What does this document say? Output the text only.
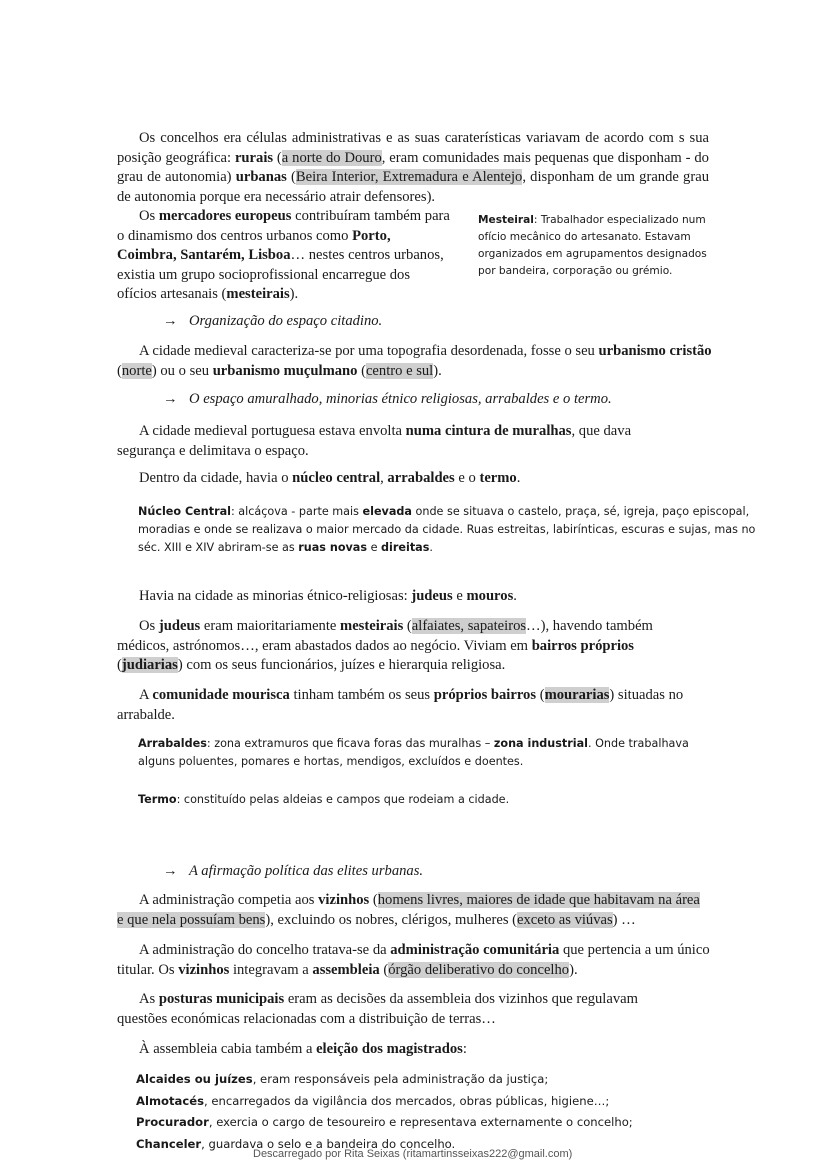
Os concelhos era células administrativas e as suas caraterísticas variavam de acordo com s sua posição geográfica: rurais (a norte do Douro, eram comunidades mais pequenas que disponham - do grau de autonomia) urbanas (Beira Interior, Extremadura e Alentejo, disponham de um grande grau de autonomia porque era necessário atrair defensores).

Os mercadores europeus contribuíram também para o dinamismo dos centros urbanos como Porto, Coimbra, Santarém, Lisboa… nestes centros urbanos, existia um grupo socioprofissional encarregue dos ofícios artesanais (mesteirais).

Mesteiral: Trabalhador especializado num ofício mecânico do artesanato. Estavam organizados em agrupamentos designados por bandeira, corporação ou grémio.

→ Organização do espaço citadino.

A cidade medieval caracteriza-se por uma topografia desordenada, fosse o seu urbanismo cristão (norte) ou o seu urbanismo muçulmano (centro e sul).

→ O espaço amuralhado, minorias étnico religiosas, arrabaldes e o termo.

A cidade medieval portuguesa estava envolta numa cintura de muralhas, que dava segurança e delimitava o espaço.

Dentro da cidade, havia o núcleo central, arrabaldes e o termo.

Núcleo Central: alcáçova - parte mais elevada onde se situava o castelo, praça, sé, igreja, paço episcopal, moradias e onde se realizava o maior mercado da cidade. Ruas estreitas, labirínticas, escuras e sujas, mas no séc. XIII e XIV abriram-se as ruas novas e direitas.

Havia na cidade as minorias étnico-religiosas: judeus e mouros.

Os judeus eram maioritariamente mesteirais (alfaiates, sapateiros…), havendo também médicos, astrónomos…, eram abastados dados ao negócio. Viviam em bairros próprios (judiarias) com os seus funcionários, juízes e hierarquia religiosa.

A comunidade mourisca tinham também os seus próprios bairros (mourarias) situadas no arrabalde.

Arrabaldes: zona extramuros que ficava foras das muralhas – zona industrial. Onde trabalhava alguns poluentes, pomares e hortas, mendigos, excluídos e doentes.

Termo: constituído pelas aldeias e campos que rodeiam a cidade.

→ A afirmação política das elites urbanas.

A administração competia aos vizinhos (homens livres, maiores de idade que habitavam na área e que nela possuíam bens), excluindo os nobres, clérigos, mulheres (exceto as viúvas) …

A administração do concelho tratava-se da administração comunitária que pertencia a um único titular. Os vizinhos integravam a assembleia (órgão deliberativo do concelho).

As posturas municipais eram as decisões da assembleia dos vizinhos que regulavam questões económicas relacionadas com a distribuição de terras…

À assembleia cabia também a eleição dos magistrados:

Alcaides ou juízes, eram responsáveis pela administração da justiça;
Almotacés, encarregados da vigilância dos mercados, obras públicas, higiene…;
Procurador, exercia o cargo de tesoureiro e representava externamente o concelho;
Chanceler, guardava o selo e a bandeira do concelho.
Descarregado por Rita Seixas (ritamartinsseixas222@gmail.com)
